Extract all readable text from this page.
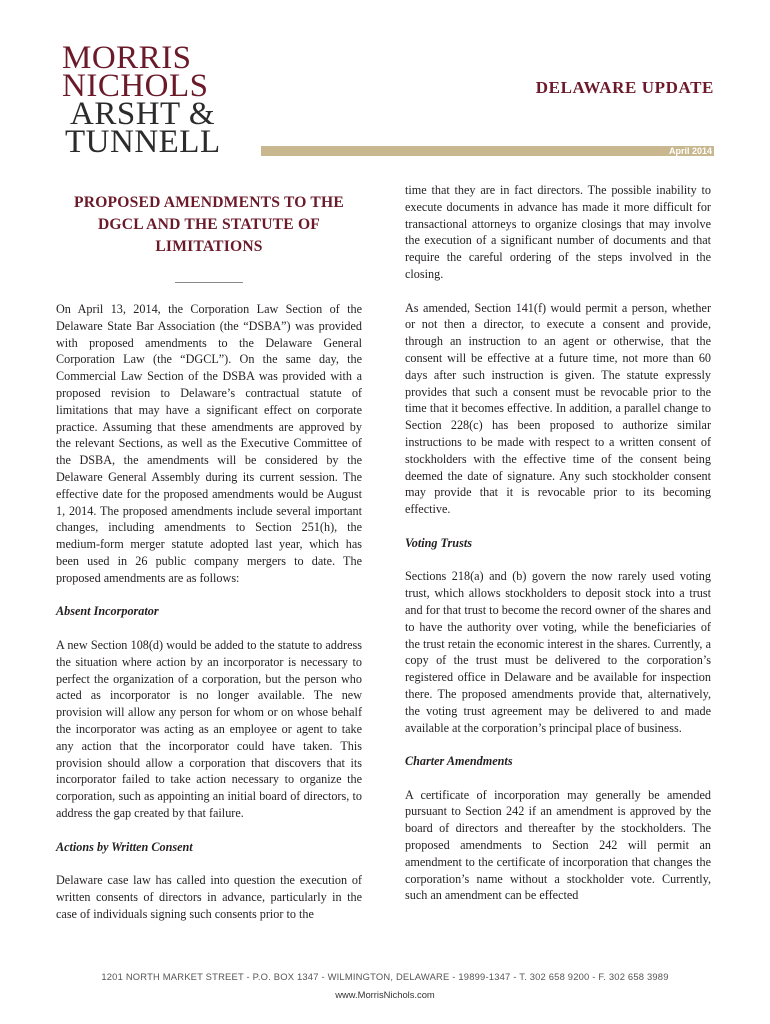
MORRIS
NICHOLS
ARSHT &
TUNNELL
DELAWARE UPDATE
April 2014
PROPOSED AMENDMENTS TO THE DGCL AND THE STATUTE OF LIMITATIONS

On April 13, 2014, the Corporation Law Section of the Delaware State Bar Association (the “DSBA”) was provided with proposed amendments to the Delaware General Corporation Law (the “DGCL”). On the same day, the Commercial Law Section of the DSBA was provided with a proposed revision to Delaware’s contractual statute of limitations that may have a significant effect on corporate practice. Assuming that these amendments are approved by the relevant Sections, as well as the Executive Committee of the DSBA, the amendments will be considered by the Delaware General Assembly during its current session. The effective date for the proposed amendments would be August 1, 2014. The proposed amendments include several important changes, including amendments to Section 251(h), the medium-form merger statute adopted last year, which has been used in 26 public company mergers to date. The proposed amendments are as follows:

Absent Incorporator

A new Section 108(d) would be added to the statute to address the situation where action by an incorporator is necessary to perfect the organization of a corporation, but the person who acted as incorporator is no longer available. The new provision will allow any person for whom or on whose behalf the incorporator was acting as an employee or agent to take any action that the incorporator could have taken. This provision should allow a corporation that discovers that its incorporator failed to take action necessary to organize the corporation, such as appointing an initial board of directors, to address the gap created by that failure.

Actions by Written Consent

Delaware case law has called into question the execution of written consents of directors in advance, particularly in the case of individuals signing such consents prior to the

time that they are in fact directors. The possible inability to execute documents in advance has made it more difficult for transactional attorneys to organize closings that may involve the execution of a significant number of documents and that require the careful ordering of the steps involved in the closing.

As amended, Section 141(f) would permit a person, whether or not then a director, to execute a consent and provide, through an instruction to an agent or otherwise, that the consent will be effective at a future time, not more than 60 days after such instruction is given. The statute expressly provides that such a consent must be revocable prior to the time that it becomes effective. In addition, a parallel change to Section 228(c) has been proposed to authorize similar instructions to be made with respect to a written consent of stockholders with the effective time of the consent being deemed the date of signature. Any such stockholder consent may provide that it is revocable prior to its becoming effective.

Voting Trusts

Sections 218(a) and (b) govern the now rarely used voting trust, which allows stockholders to deposit stock into a trust and for that trust to become the record owner of the shares and to have the authority over voting, while the beneficiaries of the trust retain the economic interest in the shares. Currently, a copy of the trust must be delivered to the corporation’s registered office in Delaware and be available for inspection there. The proposed amendments provide that, alternatively, the voting trust agreement may be delivered to and made available at the corporation’s principal place of business.

Charter Amendments

A certificate of incorporation may generally be amended pursuant to Section 242 if an amendment is approved by the board of directors and thereafter by the stockholders. The proposed amendments to Section 242 will permit an amendment to the certificate of incorporation that changes the corporation’s name without a stockholder vote. Currently, such an amendment can be effected

1201 NORTH MARKET STREET - P.O. BOX 1347 - WILMINGTON, DELAWARE - 19899-1347 - T. 302 658 9200 - F. 302 658 3989
www.MorrisNichols.com
